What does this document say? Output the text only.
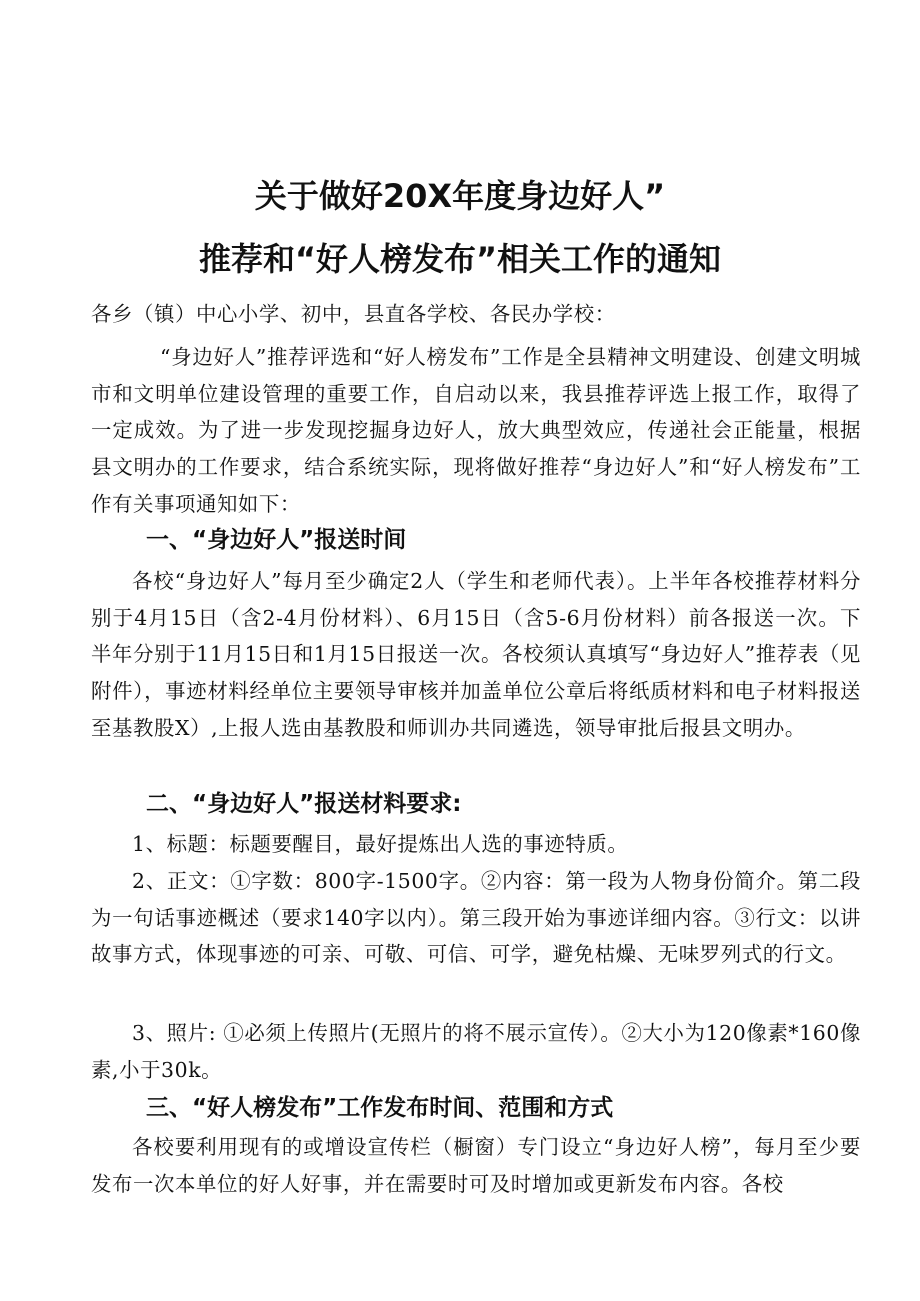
关于做好20X年度身边好人”
推荐和“好人榜发布”相关工作的通知

各乡（镇）中心小学、初中，县直各学校、各民办学校：

“身边好人”推荐评选和“好人榜发布”工作是全县精神文明建设、创建文明城市和文明单位建设管理的重要工作，自启动以来，我县推荐评选上报工作，取得了一定成效。为了进一步发现挖掘身边好人，放大典型效应，传递社会正能量，根据县文明办的工作要求，结合系统实际，现将做好推荐“身边好人”和“好人榜发布”工作有关事项通知如下：

一、“身边好人”报送时间

各校“身边好人”每月至少确定2人（学生和老师代表）。上半年各校推荐材料分别于4月15日（含2-4月份材料）、6月15日（含5-6月份材料）前各报送一次。下半年分别于11月15日和1月15日报送一次。各校须认真填写“身边好人”推荐表（见附件），事迹材料经单位主要领导审核并加盖单位公章后将纸质材料和电子材料报送至基教股X）,上报人选由基教股和师训办共同遴选，领导审批后报县文明办。

二、“身边好人”报送材料要求:

1、标题：标题要醒目，最好提炼出人选的事迹特质。

2、正文：①字数：800字-1500字。②内容：第一段为人物身份简介。第二段为一句话事迹概述（要求140字以内）。第三段开始为事迹详细内容。③行文：以讲故事方式，体现事迹的可亲、可敬、可信、可学，避免枯燥、无味罗列式的行文。

3、照片: ①必须上传照片(无照片的将不展示宣传）。②大小为120像素*160像素,小于30k。

三、“好人榜发布”工作发布时间、范围和方式

各校要利用现有的或增设宣传栏（橱窗）专门设立“身边好人榜”，每月至少要发布一次本单位的好人好事，并在需要时可及时增加或更新发布内容。各校
